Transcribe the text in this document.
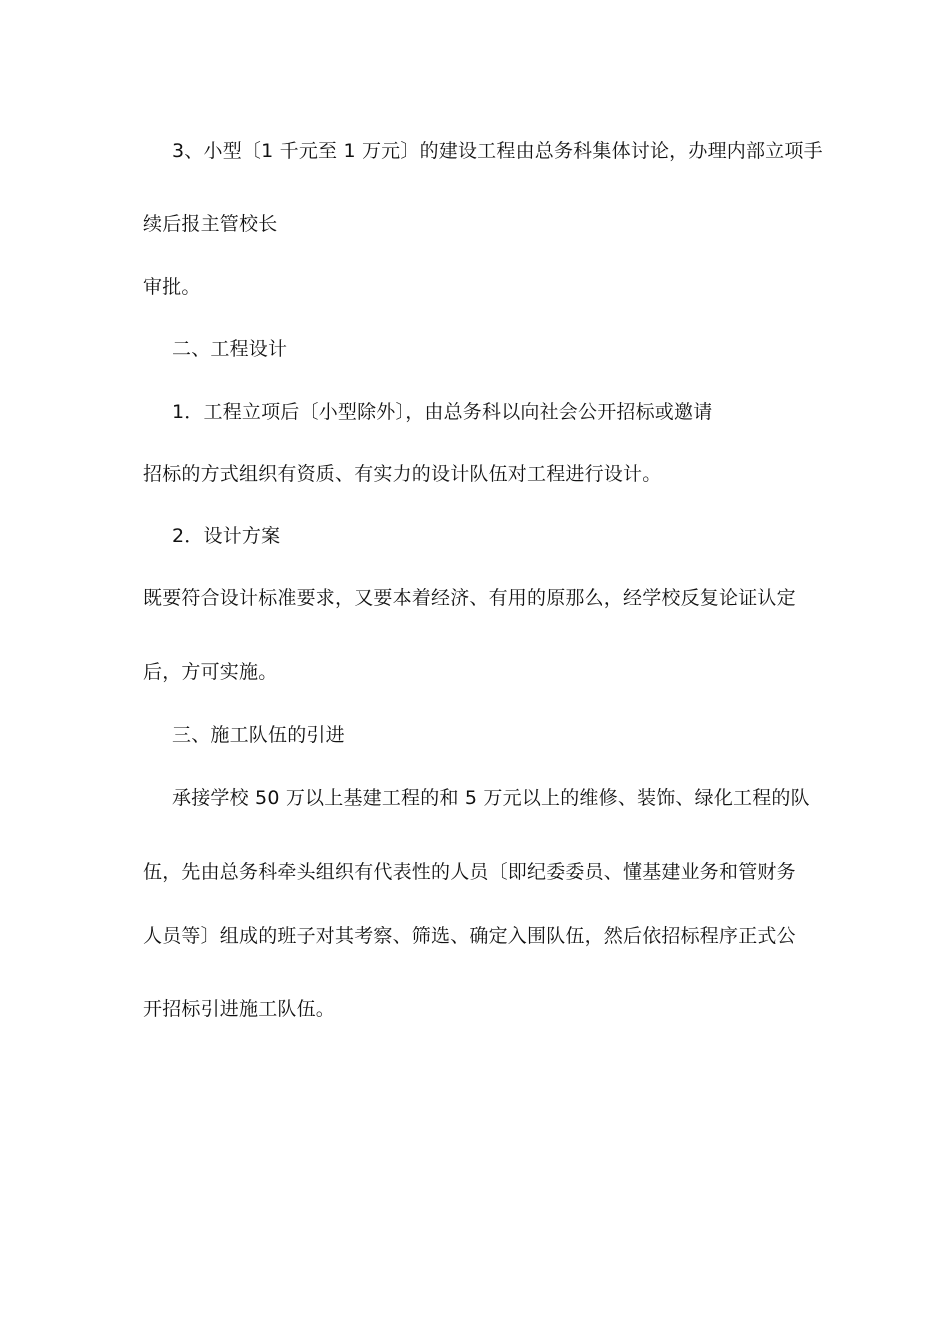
3、小型〔1 千元至 1 万元〕的建设工程由总务科集体讨论，办理内部立项手
续后报主管校长
审批。
二、工程设计
1．工程立项后〔小型除外〕，由总务科以向社会公开招标或邀请
招标的方式组织有资质、有实力的设计队伍对工程进行设计。
2．设计方案
既要符合设计标准要求，又要本着经济、有用的原那么，经学校反复论证认定
后，方可实施。
三、施工队伍的引进
承接学校 50 万以上基建工程的和 5 万元以上的维修、装饰、绿化工程的队
伍，先由总务科牵头组织有代表性的人员〔即纪委委员、懂基建业务和管财务
人员等〕组成的班子对其考察、筛选、确定入围队伍，然后依招标程序正式公
开招标引进施工队伍。
